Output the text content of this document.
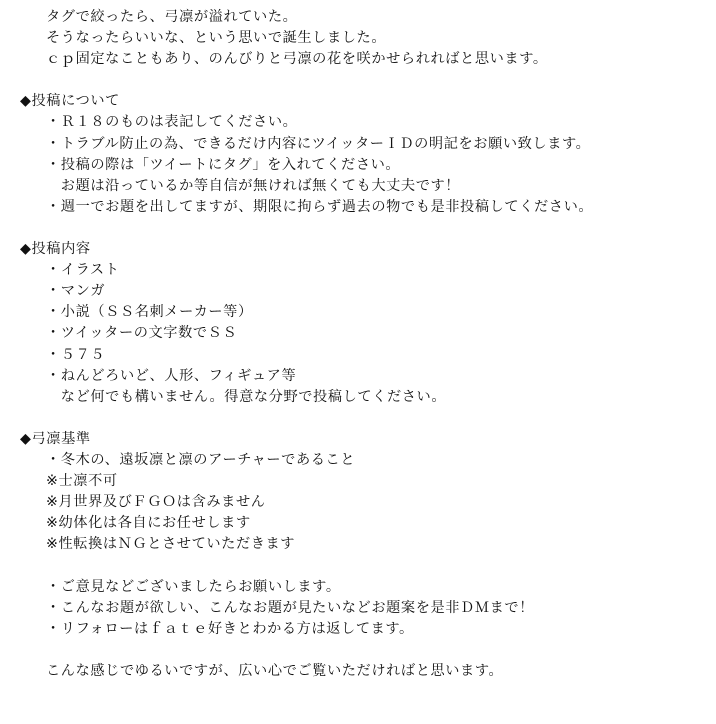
タグで絞ったら、弓凛が溢れていた。
そうなったらいいな、という思いで誕生しました。
ｃｐ固定なこともあり、のんびりと弓凛の花を咲かせられればと思います。
◆投稿について
・Ｒ１８のものは表記してください。
・トラブル防止の為、できるだけ内容にツイッターＩＤの明記をお願い致します。
・投稿の際は「ツイートにタグ」を入れてください。
　お題は沿っているか等自信が無ければ無くても大丈夫です！
・週一でお題を出してますが、期限に拘らず過去の物でも是非投稿してください。
◆投稿内容
・イラスト
・マンガ
・小説（ＳＳ名刺メーカー等）
・ツイッターの文字数でＳＳ
・５７５
・ねんどろいど、人形、フィギュア等
　など何でも構いません。得意な分野で投稿してください。
◆弓凛基準
・冬木の、遠坂凛と凛のアーチャーであること
※士凛不可
※月世界及びＦＧＯは含みません
※幼体化は各自にお任せします
※性転換はＮＧとさせていただきます
・ご意見などございましたらお願いします。
・こんなお題が欲しい、こんなお題が見たいなどお題案を是非ＤＭまで！
・リフォローはｆａｔｅ好きとわかる方は返してます。
こんな感じでゆるいですが、広い心でご覧いただければと思います。
